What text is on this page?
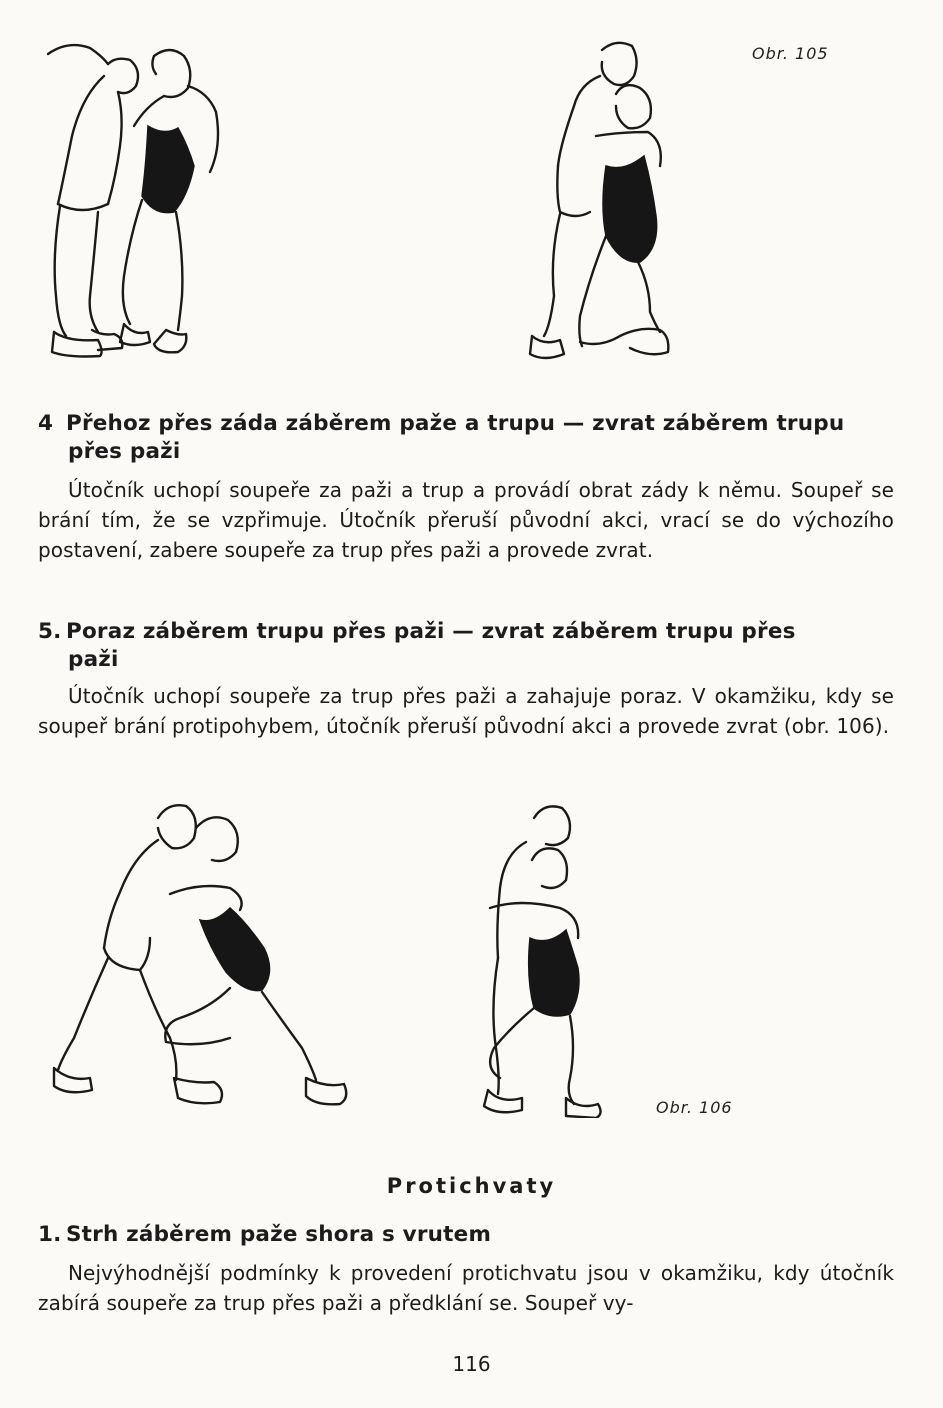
Obr. 105
4 Přehoz přes záda záběrem paže a trupu — zvrat záběrem trupu
přes paži
Útočník uchopí soupeře za paži a trup a provádí obrat zády k němu. Soupeř se brání tím, že se vzpřimuje. Útočník přeruší původní akci, vrací se do výchozího postavení, zabere soupeře za trup přes paži a provede zvrat.
5. Poraz záběrem trupu přes paži — zvrat záběrem trupu přes
paži
Útočník uchopí soupeře za trup přes paži a zahajuje poraz. V okamžiku, kdy se soupeř brání protipohybem, útočník přeruší původní akci a provede zvrat (obr. 106).
Obr. 106
Protichvaty
1. Strh záběrem paže shora s vrutem
Nejvýhodnější podmínky k provedení protichvatu jsou v okamžiku, kdy útočník zabírá soupeře za trup přes paži a předklání se. Soupeř vy-
116
